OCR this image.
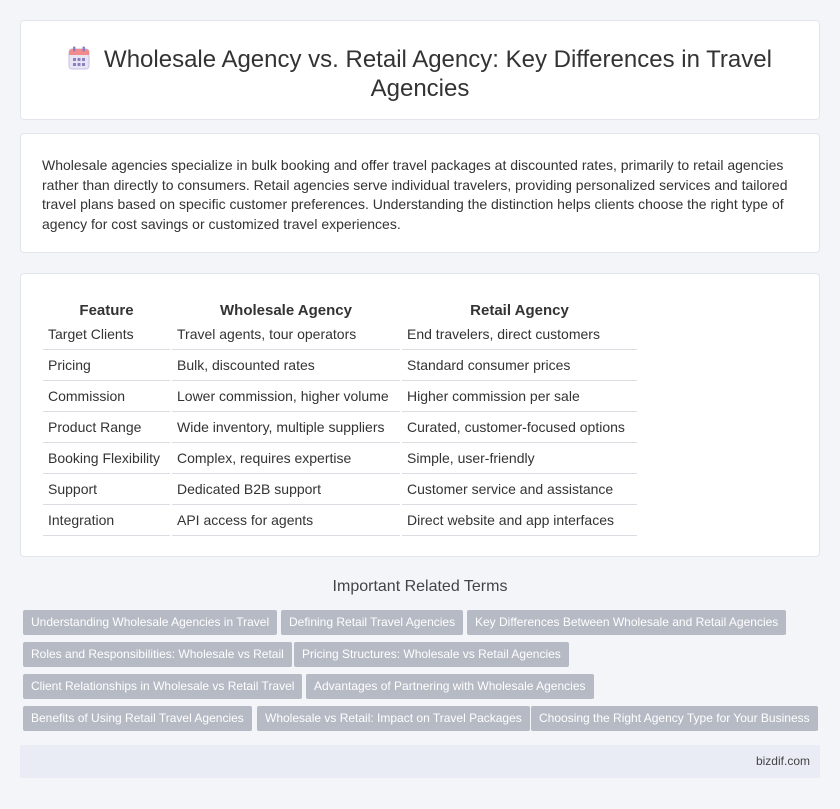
Wholesale Agency vs. Retail Agency: Key Differences in Travel Agencies

Wholesale agencies specialize in bulk booking and offer travel packages at discounted rates, primarily to retail agencies rather than directly to consumers. Retail agencies serve individual travelers, providing personalized services and tailored travel plans based on specific customer preferences. Understanding the distinction helps clients choose the right type of agency for cost savings or customized travel experiences.

Feature		Wholesale Agency		Retail Agency
Target Clients		Travel agents, tour operators		End travelers, direct customers
Pricing		Bulk, discounted rates		Standard consumer prices
Commission		Lower commission, higher volume		Higher commission per sale
Product Range		Wide inventory, multiple suppliers		Curated, customer-focused options
Booking Flexibility		Complex, requires expertise		Simple, user-friendly
Support		Dedicated B2B support		Customer service and assistance
Integration		API access for agents		Direct website and app interfaces
Important Related Terms
Understanding Wholesale Agencies in Travel	Defining Retail Travel Agencies	Key Differences Between Wholesale and Retail Agencies
Roles and Responsibilities: Wholesale vs Retail	Pricing Structures: Wholesale vs Retail Agencies
Client Relationships in Wholesale vs Retail Travel	Advantages of Partnering with Wholesale Agencies
Benefits of Using Retail Travel Agencies	Wholesale vs Retail: Impact on Travel Packages	Choosing the Right Agency Type for Your Business
bizdif.com
